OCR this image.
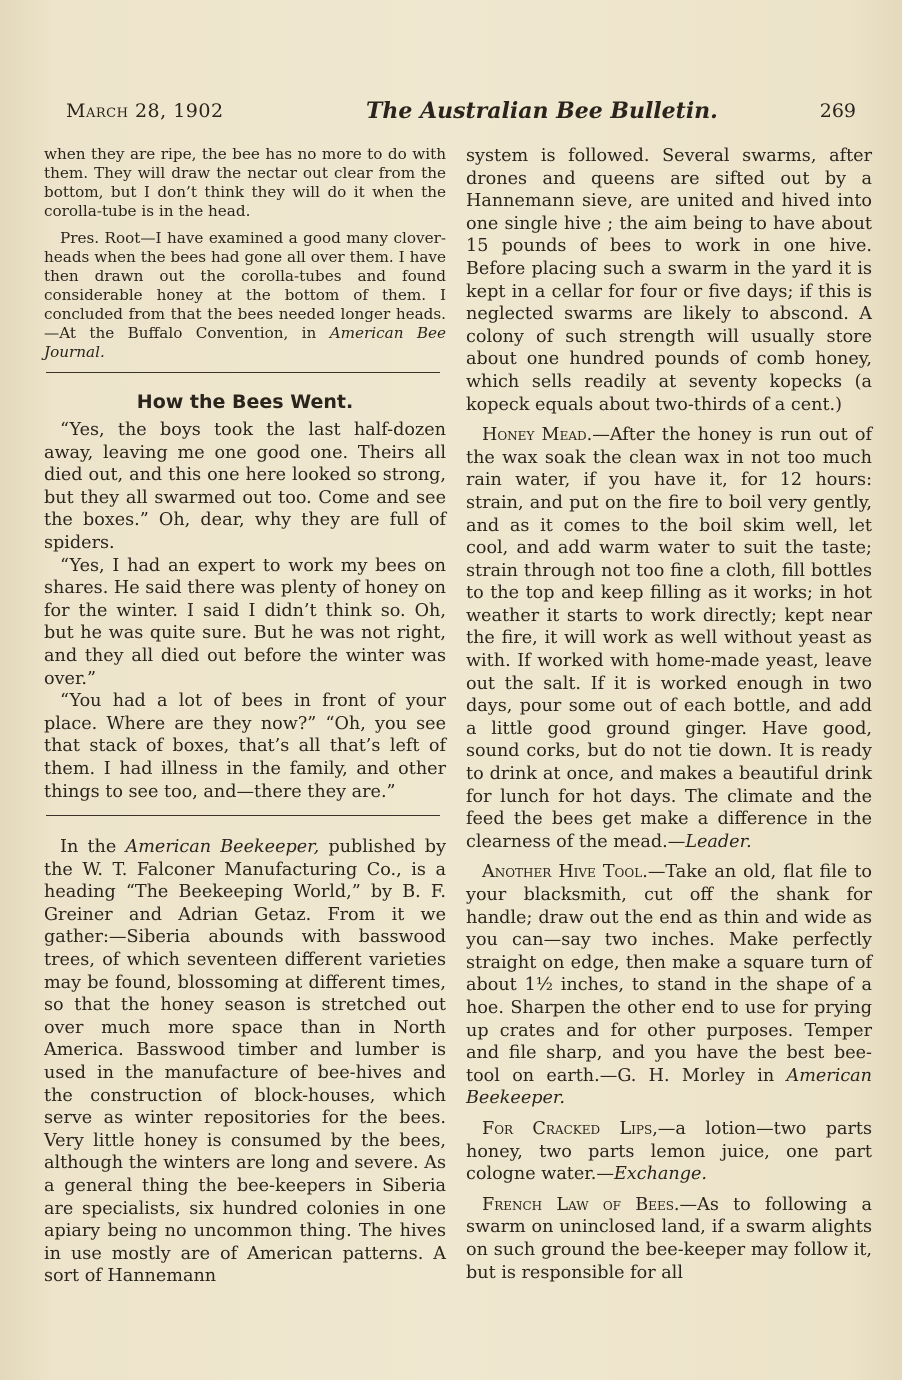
March 28, 1902	The Australian Bee Bulletin.	269

when they are ripe, the bee has no more to do with them. They will draw the nectar out clear from the bottom, but I don’t think they will do it when the corolla-tube is in the head.

Pres. Root—I have examined a good many clover-heads when the bees had gone all over them. I have then drawn out the corolla-tubes and found considerable honey at the bottom of them. I concluded from that the bees needed longer heads.—At the Buffalo Convention, in American Bee Journal.

How the Bees Went.

“Yes, the boys took the last half-dozen away, leaving me one good one. Theirs all died out, and this one here looked so strong, but they all swarmed out too. Come and see the boxes.” Oh, dear, why they are full of spiders.

“Yes, I had an expert to work my bees on shares. He said there was plenty of honey on for the winter. I said I didn’t think so. Oh, but he was quite sure. But he was not right, and they all died out before the winter was over.”

“You had a lot of bees in front of your place. Where are they now?” “Oh, you see that stack of boxes, that’s all that’s left of them. I had illness in the family, and other things to see too, and—there they are.”

In the American Beekeeper, published by the W. T. Falconer Manufacturing Co., is a heading “The Beekeeping World,” by B. F. Greiner and Adrian Getaz. From it we gather:—Siberia abounds with basswood trees, of which seventeen different varieties may be found, blossoming at different times, so that the honey season is stretched out over much more space than in North America. Basswood timber and lumber is used in the manufacture of bee-hives and the construction of block-houses, which serve as winter repositories for the bees. Very little honey is consumed by the bees, although the winters are long and severe. As a general thing the bee-keepers in Siberia are specialists, six hundred colonies in one apiary being no uncommon thing. The hives in use mostly are of American patterns. A sort of Hannemann

system is followed. Several swarms, after drones and queens are sifted out by a Hannemann sieve, are united and hived into one single hive ; the aim being to have about 15 pounds of bees to work in one hive. Before placing such a swarm in the yard it is kept in a cellar for four or five days; if this is neglected swarms are likely to abscond. A colony of such strength will usually store about one hundred pounds of comb honey, which sells readily at seventy kopecks (a kopeck equals about two-thirds of a cent.)

Honey Mead.—After the honey is run out of the wax soak the clean wax in not too much rain water, if you have it, for 12 hours: strain, and put on the fire to boil very gently, and as it comes to the boil skim well, let cool, and add warm water to suit the taste; strain through not too fine a cloth, fill bottles to the top and keep filling as it works; in hot weather it starts to work directly; kept near the fire, it will work as well without yeast as with. If worked with home-made yeast, leave out the salt. If it is worked enough in two days, pour some out of each bottle, and add a little good ground ginger. Have good, sound corks, but do not tie down. It is ready to drink at once, and makes a beautiful drink for lunch for hot days. The climate and the feed the bees get make a difference in the clearness of the mead.—Leader.

Another Hive Tool.—Take an old, flat file to your blacksmith, cut off the shank for handle; draw out the end as thin and wide as you can—say two inches. Make perfectly straight on edge, then make a square turn of about 1½ inches, to stand in the shape of a hoe. Sharpen the other end to use for prying up crates and for other purposes. Temper and file sharp, and you have the best bee-tool on earth.—G. H. Morley in American Beekeeper.

For Cracked Lips,—a lotion—two parts honey, two parts lemon juice, one part cologne water.—Exchange.

French Law of Bees.—As to following a swarm on uninclosed land, if a swarm alights on such ground the bee-keeper may follow it, but is responsible for all
